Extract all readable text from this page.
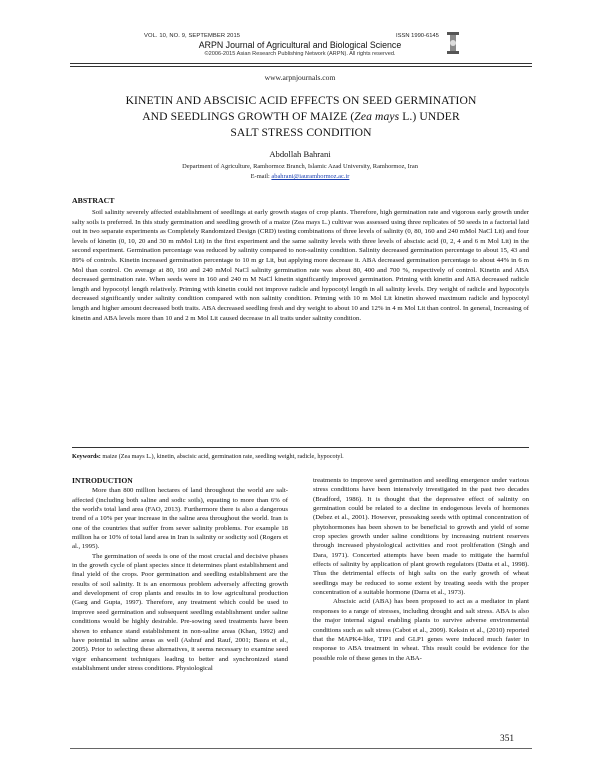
VOL. 10, NO. 9, SEPTEMBER 2015	ISSN 1990-6145
ARPN Journal of Agricultural and Biological Science
©2006-2015 Asian Research Publishing Network (ARPN). All rights reserved.
www.arpnjournals.com
KINETIN AND ABSCISIC ACID EFFECTS ON SEED GERMINATION
AND SEEDLINGS GROWTH OF MAIZE (Zea mays L.) UNDER
SALT STRESS CONDITION
Abdollah Bahrani
Department of Agriculture, Ramhormoz Branch, Islamic Azad University, Ramhormoz, Iran
E-mail: abahrani@iauramhormoz.ac.ir
ABSTRACT

Soil salinity severely affected establishment of seedlings at early growth stages of crop plants. Therefore, high germination rate and vigorous early growth under salty soils is preferred. In this study germination and seedling growth of a maize (Zea mays L.) cultivar was assessed using three replicates of 50 seeds in a factorial laid out in two separate experiments as Completely Randomized Design (CRD) testing combinations of three levels of salinity (0, 80, 160 and 240 mMol NaCl Lit) and four levels of kinetin (0, 10, 20 and 30 m mMol Lit) in the first experiment and the same salinity levels with three levels of abscisic acid (0, 2, 4 and 6 m Mol Lit) in the second experiment. Germination percentage was reduced by salinity compared to non-salinity condition. Salinity decreased germination percentage to about 15, 43 and 89% of controls. Kinetin increased germination percentage to 10 m gr Lit, but applying more decrease it. ABA decreased germination percentage to about 44% in 6 m Mol than control. On average at 80, 160 and 240 mMol NaCl salinity germination rate was about 80, 400 and 700 %, respectively of control. Kinetin and ABA decreased germination rate. When seeds were in 160 and 240 m M NaCl kinetin significantly improved germination. Priming with kinetin and ABA decreased radicle length and hypocotyl length relatively. Priming with kinetin could not improve radicle and hypocotyl length in all salinity levels. Dry weight of radicle and hypocotyls decreased significantly under salinity condition compared with non salinity condition. Priming with 10 m Mol Lit kinetin showed maximum radicle and hypocotyl length and higher amount decreased both traits. ABA decreased seedling fresh and dry weight to about 10 and 12% in 4 m Mol Lit than control. In general, Increasing of kinetin and ABA levels more than 10 and 2 m Mol Lit caused decrease in all traits under salinity condition.

Keywords: maize (Zea mays L.), kinetin, abscisic acid, germination rate, seedling weight, radicle, hypocotyl.
INTRODUCTION

More than 800 million hectares of land throughout the world are salt-affected (including both saline and sodic soils), equating to more than 6% of the world's total land area (FAO, 2013). Furthermore there is also a dangerous trend of a 10% per year increase in the saline area throughout the world. Iran is one of the countries that suffer from sever salinity problems. For example 18 million ha or 10% of total land area in Iran is salinity or sodicity soil (Rogers et al., 1995).

The germination of seeds is one of the most crucial and decisive phases in the growth cycle of plant species since it determines plant establishment and final yield of the crops. Poor germination and seedling establishment are the results of soil salinity. It is an enormous problem adversely affecting growth and development of crop plants and results in to low agricultural production (Garg and Gupta, 1997). Therefore, any treatment which could be used to improve seed germination and subsequent seedling establishment under saline conditions would be highly desirable. Pre-sowing seed treatments have been shown to enhance stand establishment in non-saline areas (Khan, 1992) and have potential in saline areas as well (Ashraf and Rauf, 2001; Basra et al., 2005). Prior to selecting these alternatives, it seems necessary to examine seed vigor enhancement techniques leading to better and synchronized stand establishment under stress conditions. Physiological

treatments to improve seed germination and seedling emergence under various stress conditions have been intensively investigated in the past two decades (Bradford, 1986). It is thought that the depressive effect of salinity on germination could be related to a decline in endogenous levels of hormones (Debez et al., 2001). However, presoaking seeds with optimal concentration of phytohormones has been shown to be beneficial to growth and yield of some crop species growth under saline conditions by increasing nutrient reserves through increased physiological activities and root proliferation (Singh and Dara, 1971). Concerted attempts have been made to mitigate the harmful effects of salinity by application of plant growth regulators (Datta et al., 1998). Thus the detrimental effects of high salts on the early growth of wheat seedlings may be reduced to some extent by treating seeds with the proper concentration of a suitable hormone (Darra et al., 1973).

Abscisic acid (ABA) has been proposed to act as a mediator in plant responses to a range of stresses, including drought and salt stress. ABA is also the major internal signal enabling plants to survive adverse environmental conditions such as salt stress (Cabot et al., 2009). Keksin et al., (2010) reported that the MAPK4-like, TIP1 and GLP1 genes were induced much faster in response to ABA treatment in wheat. This result could be evidence for the possible role of these genes in the ABA-

351
